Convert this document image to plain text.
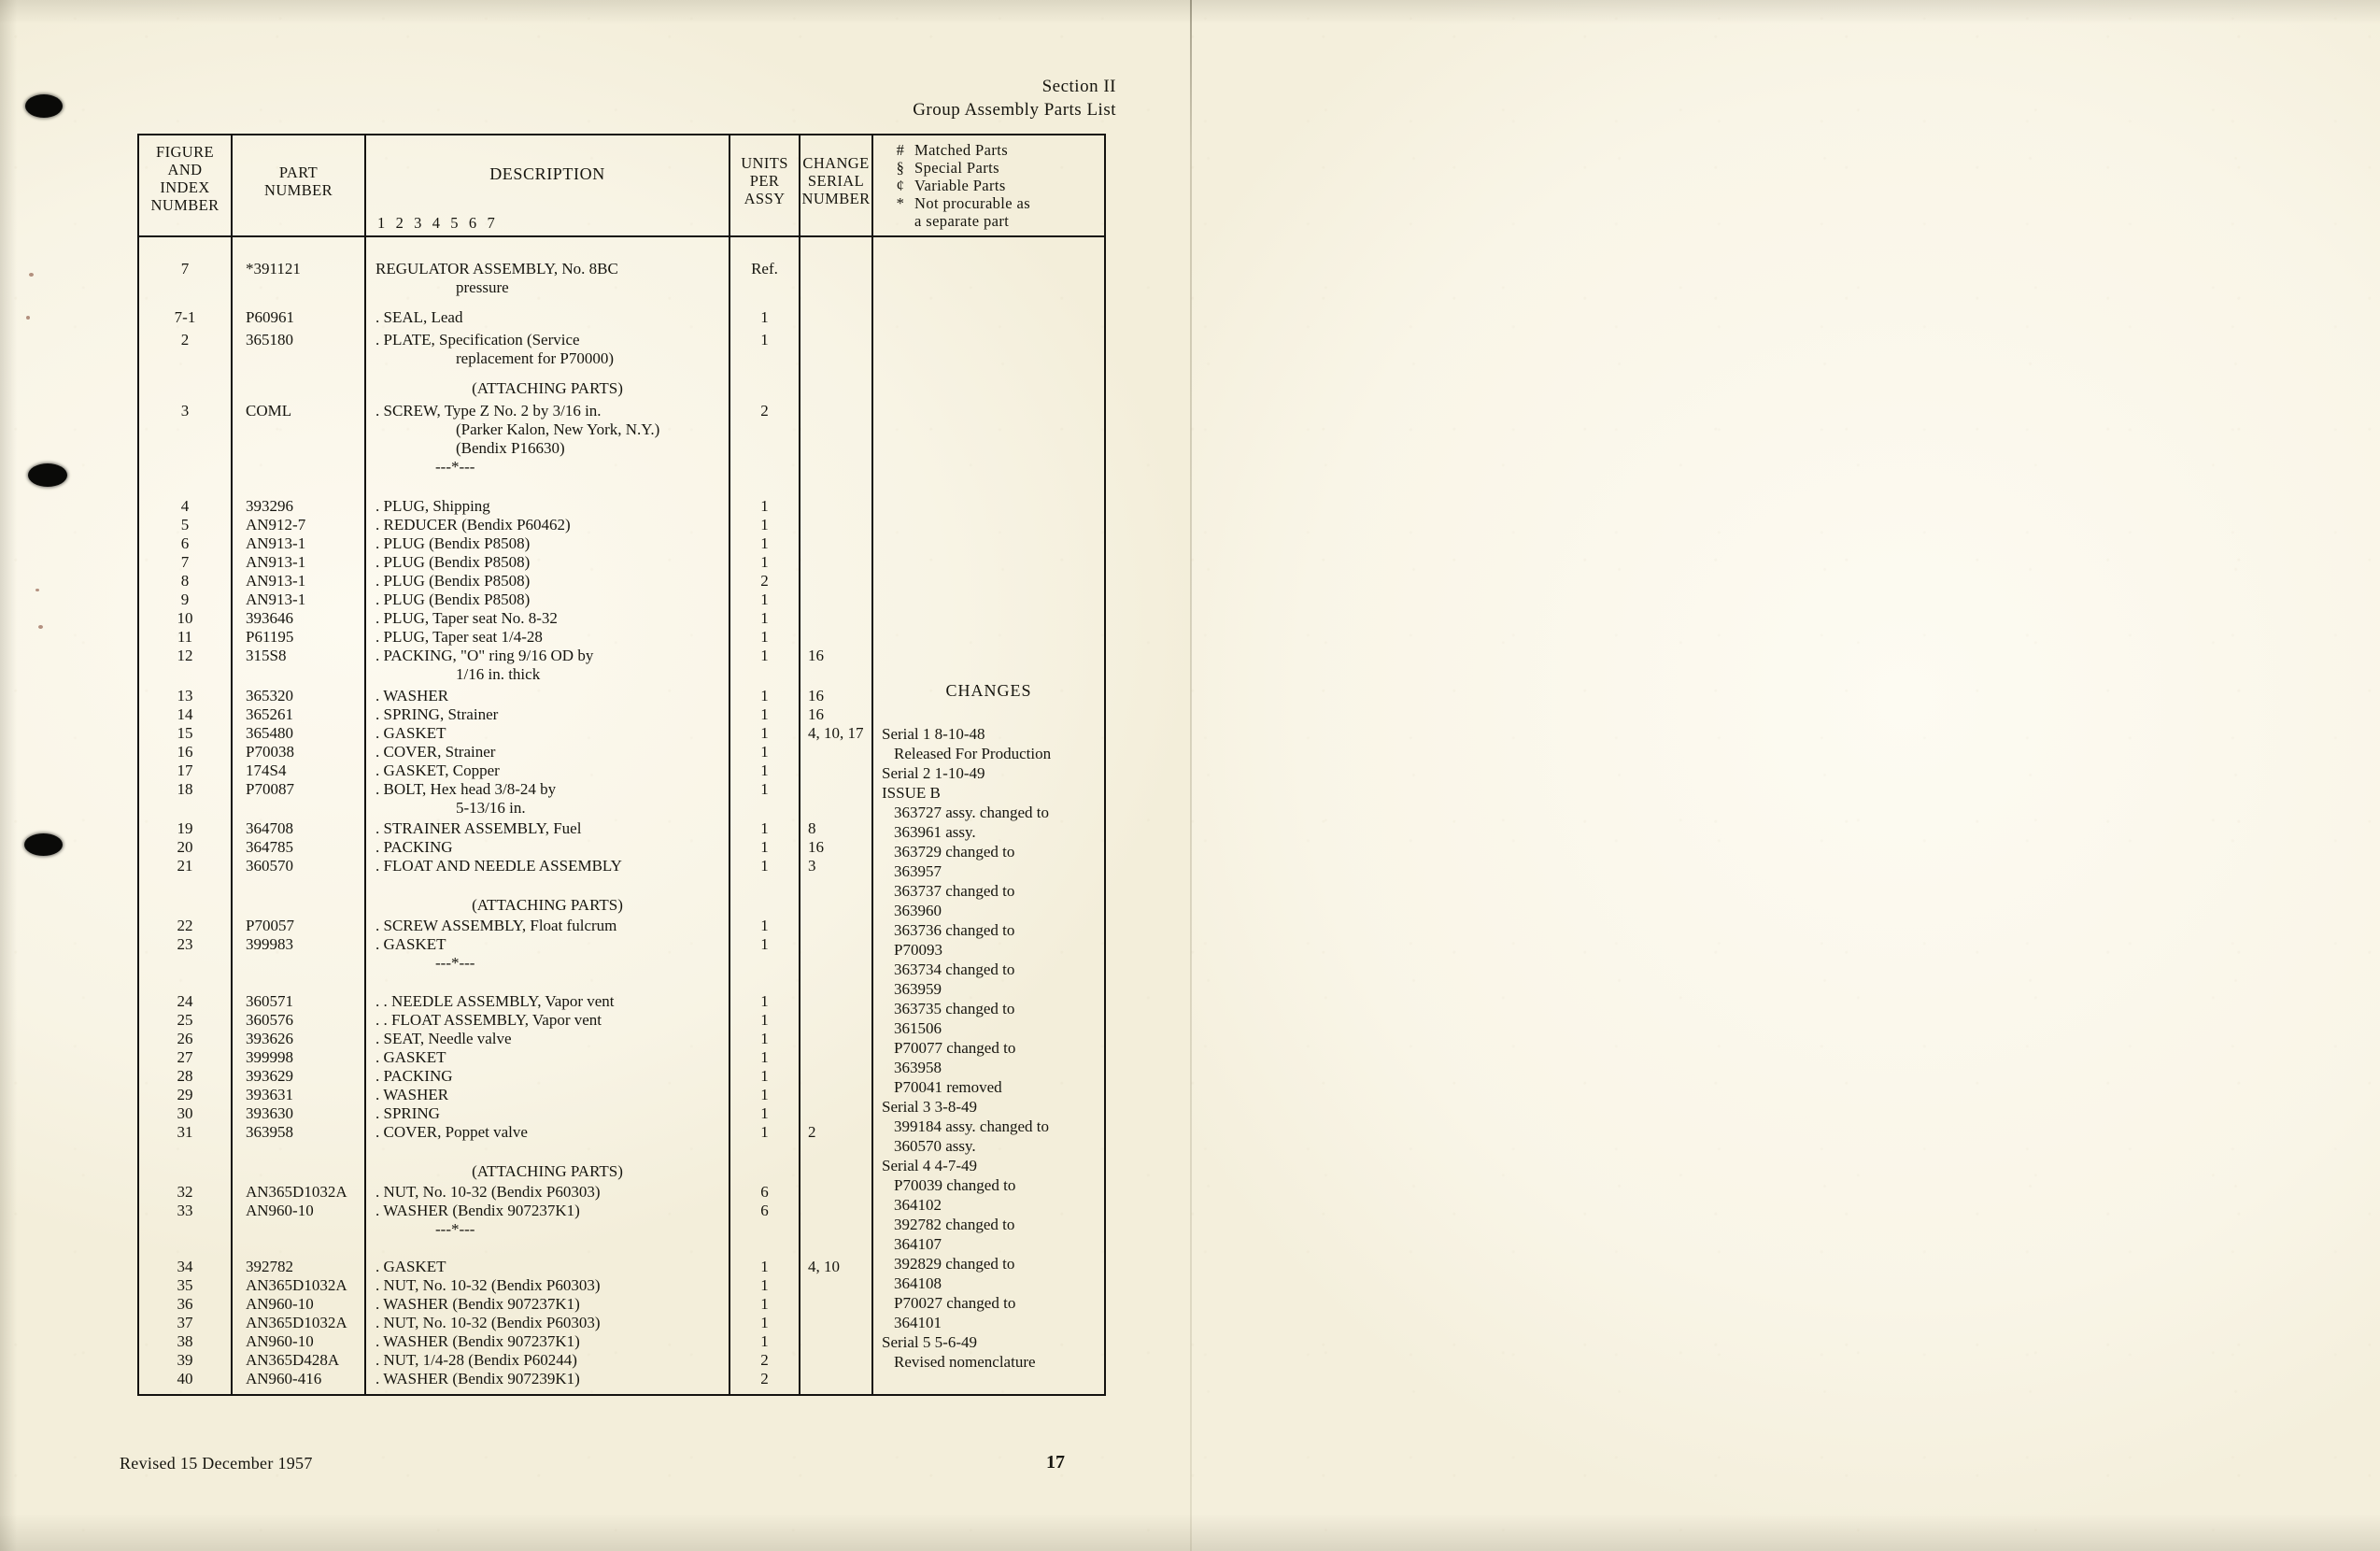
Section II
Group Assembly Parts List
FIGURE
AND
INDEX
NUMBER
PART
NUMBER
DESCRIPTION
1 2 3 4 5 6 7
UNITS
PER
ASSY
CHANGE
SERIAL
NUMBER
# Matched Parts
§ Special Parts
¢ Variable Parts
* Not procurable as
a separate part
7
7-1
2
3
4
5
6
7
8
9
10
11
12
13
14
15
16
17
18
19
20
21
22
23
24
25
26
27
28
29
30
31
32
33
34
35
36
37
38
39
40
*391121
P60961
365180
COML
393296
AN912-7
AN913-1
AN913-1
AN913-1
AN913-1
393646
P61195
315S8
365320
365261
365480
P70038
174S4
P70087
364708
364785
360570
P70057
399983
360571
360576
393626
399998
393629
393631
393630
363958
AN365D1032A
AN960-10
392782
AN365D1032A
AN960-10
AN365D1032A
AN960-10
AN365D428A
AN960-416
REGULATOR ASSEMBLY, No. 8BC
pressure
. SEAL, Lead
. PLATE, Specification (Service
replacement for P70000)
(ATTACHING PARTS)
. SCREW, Type Z No. 2 by 3/16 in.
(Parker Kalon, New York, N.Y.)
(Bendix P16630)
---*---
. PLUG, Shipping
. REDUCER (Bendix P60462)
. PLUG (Bendix P8508)
. PLUG (Bendix P8508)
. PLUG (Bendix P8508)
. PLUG (Bendix P8508)
. PLUG, Taper seat No. 8-32
. PLUG, Taper seat 1/4-28
. PACKING, "O" ring 9/16 OD by
1/16 in. thick
. WASHER
. SPRING, Strainer
. GASKET
. COVER, Strainer
. GASKET, Copper
. BOLT, Hex head 3/8-24 by
5-13/16 in.
. STRAINER ASSEMBLY, Fuel
. PACKING
. FLOAT AND NEEDLE ASSEMBLY
(ATTACHING PARTS)
. SCREW ASSEMBLY, Float fulcrum
. GASKET
---*---
. . NEEDLE ASSEMBLY, Vapor vent
. . FLOAT ASSEMBLY, Vapor vent
. SEAT, Needle valve
. GASKET
. PACKING
. WASHER
. SPRING
. COVER, Poppet valve
(ATTACHING PARTS)
. NUT, No. 10-32 (Bendix P60303)
. WASHER (Bendix 907237K1)
---*---
. GASKET
. NUT, No. 10-32 (Bendix P60303)
. WASHER (Bendix 907237K1)
. NUT, No. 10-32 (Bendix P60303)
. WASHER (Bendix 907237K1)
. NUT, 1/4-28 (Bendix P60244)
. WASHER (Bendix 907239K1)
Ref.
1
1
2
1
1
1
1
2
1
1
1
1
1
1
1
1
1
1
1
1
1
1
1
1
1
1
1
1
1
1
1
6
6
1
1
1
1
1
2
2
16
16
16
4, 10, 17
8
16
3
2
4, 10
CHANGES
Serial 1 8-10-48
Released For Production
Serial 2 1-10-49
ISSUE B
363727 assy. changed to
363961 assy.
363729 changed to
363957
363737 changed to
363960
363736 changed to
P70093
363734 changed to
363959
363735 changed to
361506
P70077 changed to
363958
P70041 removed
Serial 3 3-8-49
399184 assy. changed to
360570 assy.
Serial 4 4-7-49
P70039 changed to
364102
392782 changed to
364107
392829 changed to
364108
P70027 changed to
364101
Serial 5 5-6-49
Revised nomenclature
Revised 15 December 1957	17
